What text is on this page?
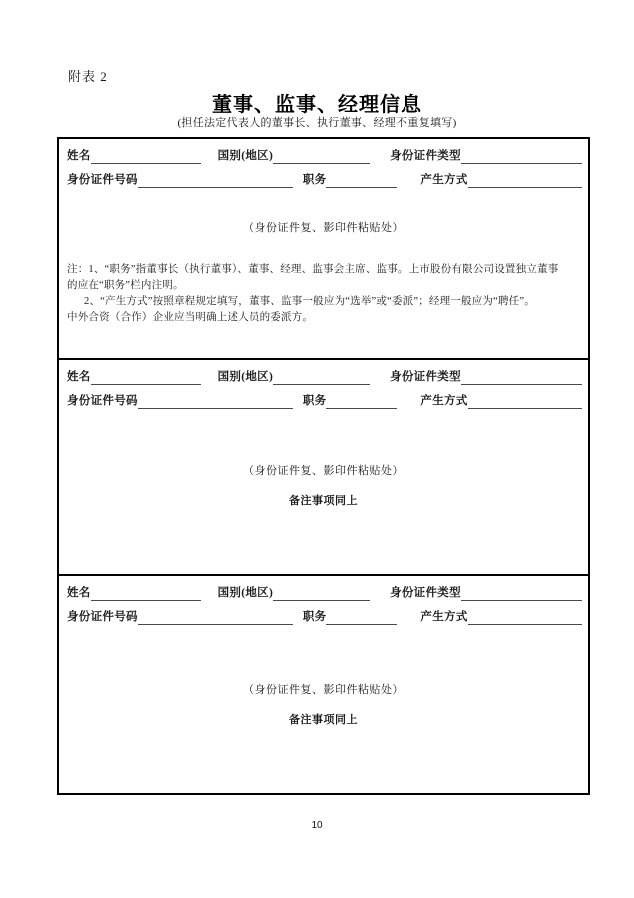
附表 2
董事、监事、经理信息
(担任法定代表人的董事长、执行董事、经理不重复填写)
姓名	国别(地区)	身份证件类型
身份证件号码	职务	产生方式
（身份证件复、影印件粘贴处）
注：1、“职务”指董事长（执行董事）、董事、经理、监事会主席、监事。上市股份有限公司设置独立董事
的应在“职务”栏内注明。
2、“产生方式”按照章程规定填写，董事、监事一般应为“选举”或“委派”；经理一般应为“聘任”。
中外合资（合作）企业应当明确上述人员的委派方。
姓名	国别(地区)	身份证件类型
身份证件号码	职务	产生方式
（身份证件复、影印件粘贴处）
备注事项同上
姓名	国别(地区)	身份证件类型
身份证件号码	职务	产生方式
（身份证件复、影印件粘贴处）
备注事项同上
10
